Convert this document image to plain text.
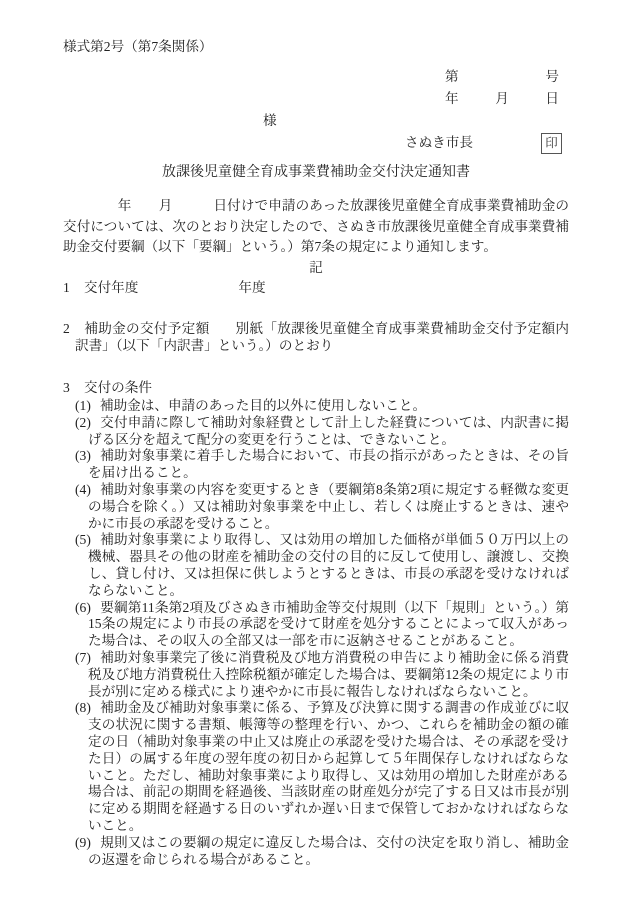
様式第2号（第7条関係）
第	号
年	月	日
様
さぬき市長	印
放課後児童健全育成事業費補助金交付決定通知書
　　　　年　　月　　　日付けで申請のあった放課後児童健全育成事業費補助金の交付については、次のとおり決定したので、さぬき市放課後児童健全育成事業費補助金交付要綱（以下「要綱」という。）第7条の規定により通知します。
記
1 交付年度	年度
2 補助金の交付予定額 別紙「放課後児童健全育成事業費補助金交付予定額内訳書」（以下「内訳書」という。）のとおり
3 交付の条件
(1) 補助金は、申請のあった目的以外に使用しないこと。
(2) 交付申請に際して補助対象経費として計上した経費については、内訳書に掲げる区分を超えて配分の変更を行うことは、できないこと。
(3) 補助対象事業に着手した場合において、市長の指示があったときは、その旨を届け出ること。
(4) 補助対象事業の内容を変更するとき（要綱第8条第2項に規定する軽微な変更の場合を除く。）又は補助対象事業を中止し、若しくは廃止するときは、速やかに市長の承認を受けること。
(5) 補助対象事業により取得し、又は効用の増加した価格が単価５０万円以上の機械、器具その他の財産を補助金の交付の目的に反して使用し、譲渡し、交換し、貸し付け、又は担保に供しようとするときは、市長の承認を受けなければならないこと。
(6) 要綱第11条第2項及びさぬき市補助金等交付規則（以下「規則」という。）第15条の規定により市長の承認を受けて財産を処分することによって収入があった場合は、その収入の全部又は一部を市に返納させることがあること。
(7) 補助対象事業完了後に消費税及び地方消費税の申告により補助金に係る消費税及び地方消費税仕入控除税額が確定した場合は、要綱第12条の規定により市長が別に定める様式により速やかに市長に報告しなければならないこと。
(8) 補助金及び補助対象事業に係る、予算及び決算に関する調書の作成並びに収支の状況に関する書類、帳簿等の整理を行い、かつ、これらを補助金の額の確定の日（補助対象事業の中止又は廃止の承認を受けた場合は、その承認を受けた日）の属する年度の翌年度の初日から起算して５年間保存しなければならないこと。ただし、補助対象事業により取得し、又は効用の増加した財産がある場合は、前記の期間を経過後、当該財産の財産処分が完了する日又は市長が別に定める期間を経過する日のいずれか遅い日まで保管しておかなければならないこと。
(9) 規則又はこの要綱の規定に違反した場合は、交付の決定を取り消し、補助金の返還を命じられる場合があること。
